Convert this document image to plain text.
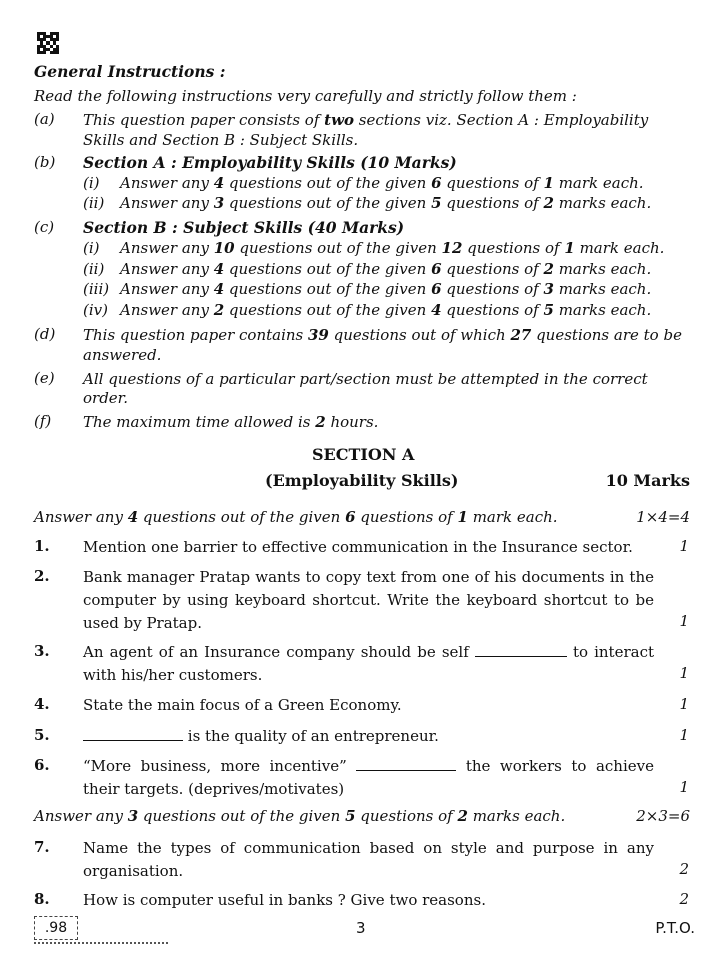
General Instructions :
Read the following instructions very carefully and strictly follow them :
(a) This question paper consists of two sections viz. Section A : Employability
Skills and Section B : Subject Skills.
(b) Section A : Employability Skills (10 Marks)
(i) Answer any 4 questions out of the given 6 questions of 1 mark each.
(ii) Answer any 3 questions out of the given 5 questions of 2 marks each.
(c) Section B : Subject Skills (40 Marks)
(i) Answer any 10 questions out of the given 12 questions of 1 mark each.
(ii) Answer any 4 questions out of the given 6 questions of 2 marks each.
(iii) Answer any 4 questions out of the given 6 questions of 3 marks each.
(iv) Answer any 2 questions out of the given 4 questions of 5 marks each.
(d) This question paper contains 39 questions out of which 27 questions are to be
answered.
(e) All questions of a particular part/section must be attempted in the correct
order.
(f) The maximum time allowed is 2 hours.
SECTION A
(Employability Skills)	10 Marks
Answer any 4 questions out of the given 6 questions of 1 mark each.	1×4=4
1. Mention one barrier to effective communication in the Insurance sector.	1
2. Bank manager Pratap wants to copy text from one of his documents in the computer by using keyboard shortcut. Write the keyboard shortcut to be used by Pratap.	1
3. An agent of an Insurance company should be self	to interact with his/her customers.	1
4. State the main focus of a Green Economy.	1
5.	is the quality of an entrepreneur.	1
6. “More business, more incentive”	the workers to achieve their targets. (deprives/motivates)	1
Answer any 3 questions out of the given 5 questions of 2 marks each.	2×3=6
7. Name the types of communication based on style and purpose in any organisation.	2
8. How is computer useful in banks ? Give two reasons.	2
.98	3	P.T.O.
